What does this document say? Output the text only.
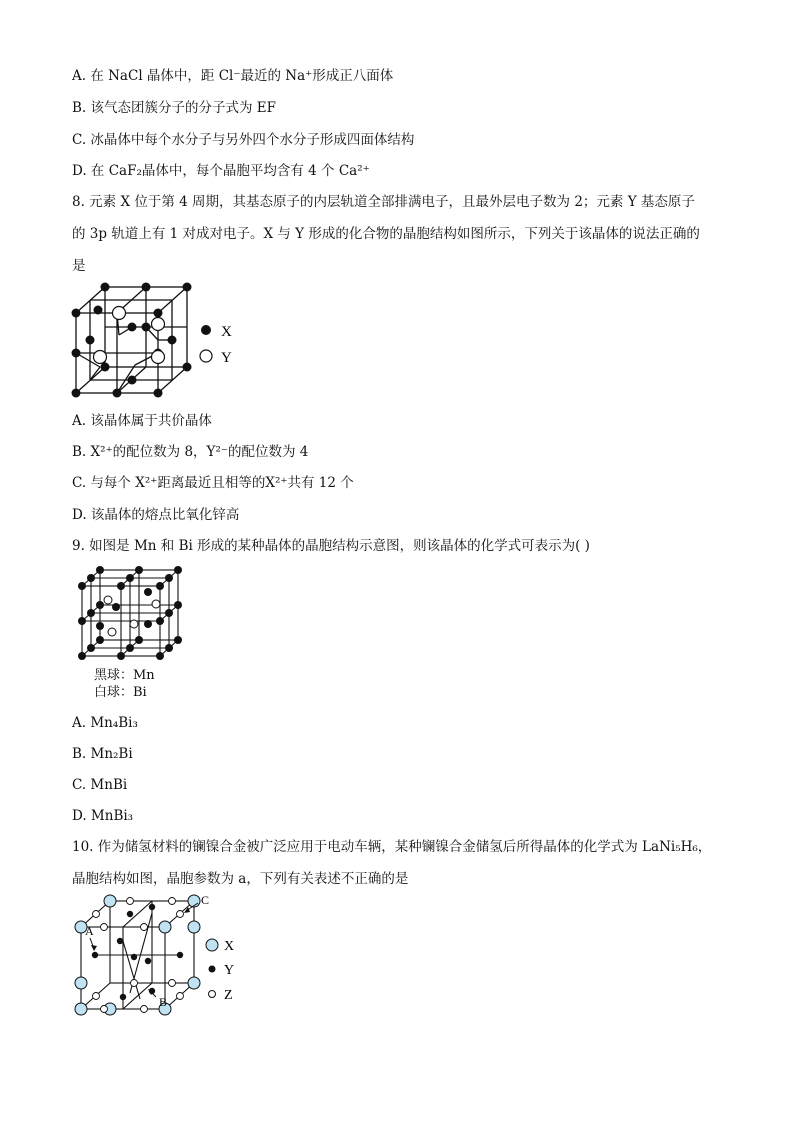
A. 在 NaCl 晶体中，距 Cl⁻最近的 Na⁺形成正八面体
B. 该气态团簇分子的分子式为 EF
C. 冰晶体中每个水分子与另外四个水分子形成四面体结构
D. 在 CaF₂晶体中，每个晶胞平均含有 4 个 Ca²⁺
8. 元素 X 位于第 4 周期，其基态原子的内层轨道全部排满电子，且最外层电子数为 2；元素 Y 基态原子
的 3p 轨道上有 1 对成对电子。X 与 Y 形成的化合物的晶胞结构如图所示，下列关于该晶体的说法正确的
是
X
Y
A. 该晶体属于共价晶体
B. X²⁺的配位数为 8，Y²⁻的配位数为 4
C. 与每个 X²⁺距离最近且相等的X²⁺共有 12 个
D. 该晶体的熔点比氧化锌高
9. 如图是 Mn 和 Bi 形成的某种晶体的晶胞结构示意图，则该晶体的化学式可表示为( )
黑球：Mn
白球：Bi
A. Mn₄Bi₃
B. Mn₂Bi
C. MnBi
D. MnBi₃
10. 作为储氢材料的镧镍合金被广泛应用于电动车辆，某种镧镍合金储氢后所得晶体的化学式为 LaNi₅H₆，
晶胞结构如图，晶胞参数为 a，下列有关表述不正确的是
A
B
C
X
Y
Z
